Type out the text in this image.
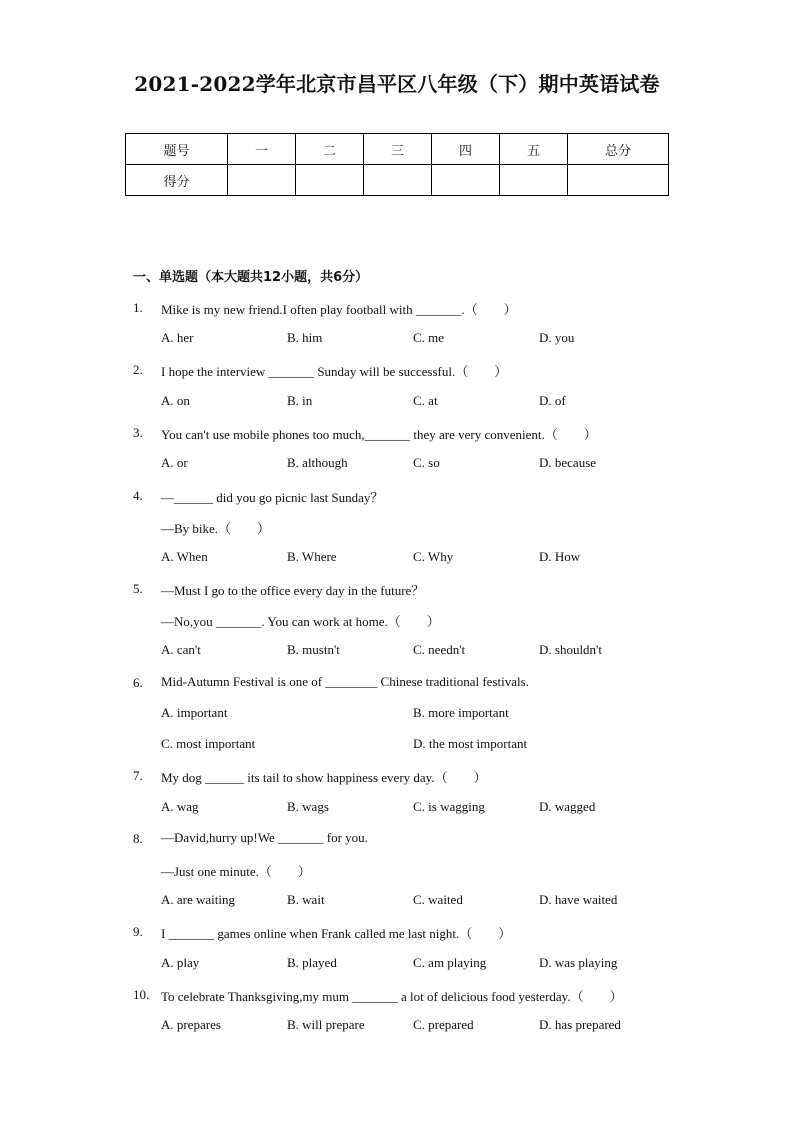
2021-2022学年北京市昌平区八年级（下）期中英语试卷
题号	一	二	三	四	五	总分
得分						
一、单选题（本大题共12小题，共6分）
1. Mike is my new friend.I often play football with _______.（　　）
A. her	B. him	C. me	D. you
2. I hope the interview _______ Sunday will be successful.（　　）
A. on	B. in	C. at	D. of
3. You can't use mobile phones too much,_______ they are very convenient.（　　）
A. or	B. although	C. so	D. because
4. —______ did you go picnic last Sunday？
—By bike.（　　）
A. When	B. Where	C. Why	D. How
5. —Must I go to the office every day in the future？
—No,you _______. You can work at home.（　　）
A. can't	B. mustn't	C. needn't	D. shouldn't
6. Mid-Autumn Festival is one of ________ Chinese traditional festivals.
A. important	B. more important
C. most important	D. the most important
7. My dog ______ its tail to show happiness every day.（　　）
A. wag	B. wags	C. is wagging	D. wagged
8. —David,hurry up!We _______ for you.
—Just one minute.（　　）
A. are waiting	B. wait	C. waited	D. have waited
9. I _______ games online when Frank called me last night.（　　）
A. play	B. played	C. am playing	D. was playing
10. To celebrate Thanksgiving,my mum _______ a lot of delicious food yesterday.（　　）
A. prepares	B. will prepare	C. prepared	D. has prepared
